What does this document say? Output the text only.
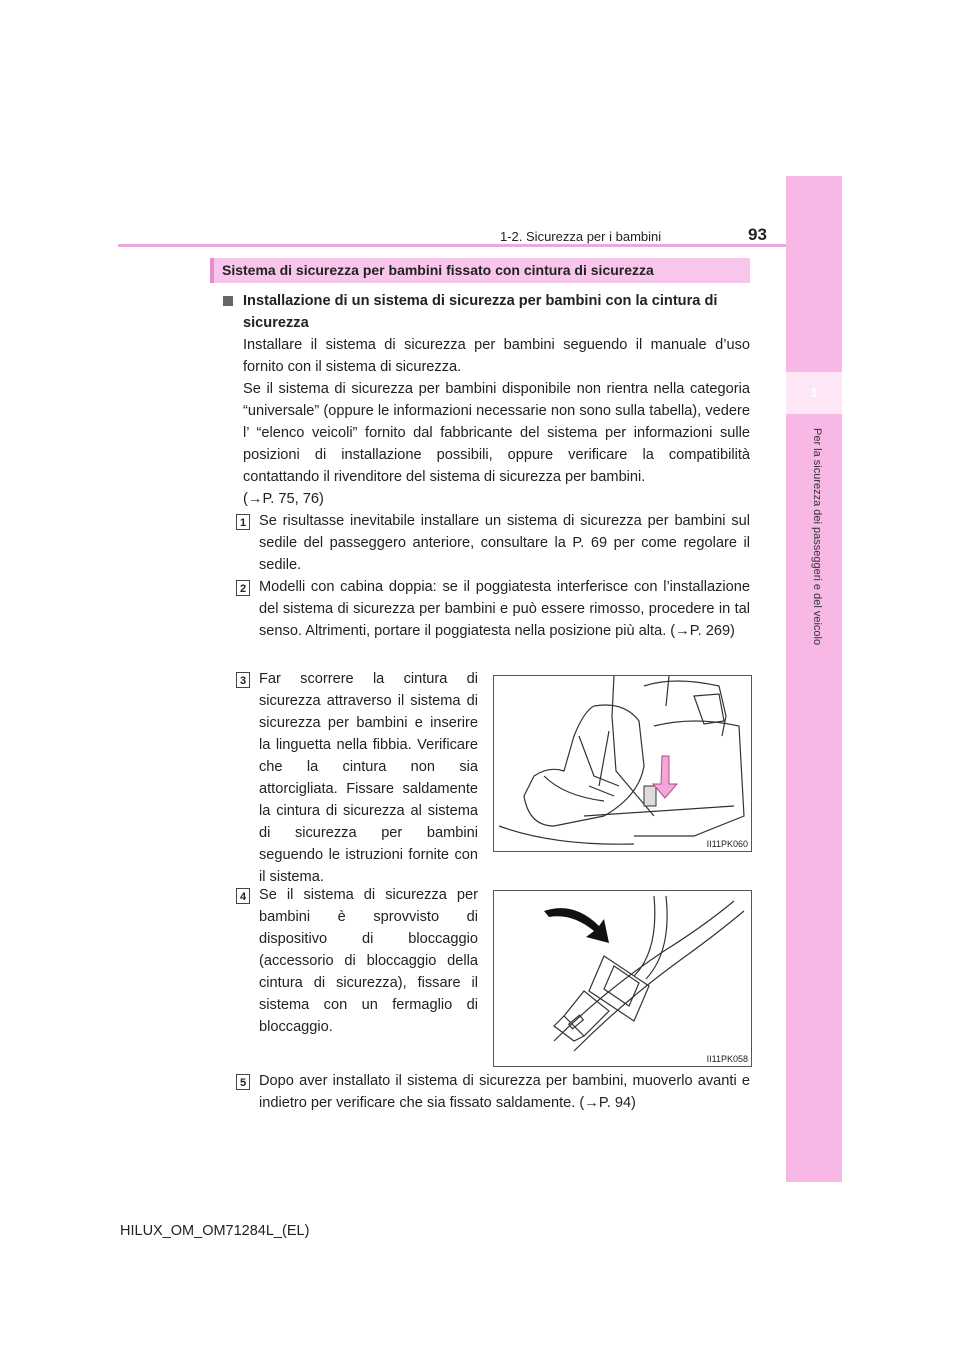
1
Per la sicurezza dei passeggeri e del veicolo
1-2. Sicurezza per i bambini	93
Sistema di sicurezza per bambini fissato con cintura di sicurezza
Installazione di un sistema di sicurezza per bambini con la cintura di sicurezza
Installare il sistema di sicurezza per bambini seguendo il manuale d’uso fornito con il sistema di sicurezza.
Se il sistema di sicurezza per bambini disponibile non rientra nella categoria “universale” (oppure le informazioni necessarie non sono sulla tabella), vedere l’ “elenco veicoli” fornito dal fabbricante del sistema per informazioni sulle posizioni di installazione possibili, oppure verificare la compatibilità contattando il rivenditore del sistema di sicurezza per bambini.
(→P. 75, 76)
1 Se risultasse inevitabile installare un sistema di sicurezza per bambini sul sedile del passeggero anteriore, consultare la P. 69 per come regolare il sedile.
2 Modelli con cabina doppia: se il poggiatesta interferisce con l’installazione del sistema di sicurezza per bambini e può essere rimosso, procedere in tal senso. Altrimenti, portare il poggiatesta nella posizione più alta. (→P. 269)
3 Far scorrere la cintura di sicurezza attraverso il sistema di sicurezza per bambini e inserire la linguetta nella fibbia. Verificare che la cintura non sia attorcigliata. Fissare saldamente la cintura di sicurezza al sistema di sicurezza per bambini seguendo le istruzioni fornite con il sistema.
II11PK060
4 Se il sistema di sicurezza per bambini è sprovvisto di dispositivo di bloccaggio (accessorio di bloccaggio della cintura di sicurezza), fissare il sistema con un fermaglio di bloccaggio.
II11PK058
5 Dopo aver installato il sistema di sicurezza per bambini, muoverlo avanti e indietro per verificare che sia fissato saldamente. (→P. 94)
HILUX_OM_OM71284L_(EL)
